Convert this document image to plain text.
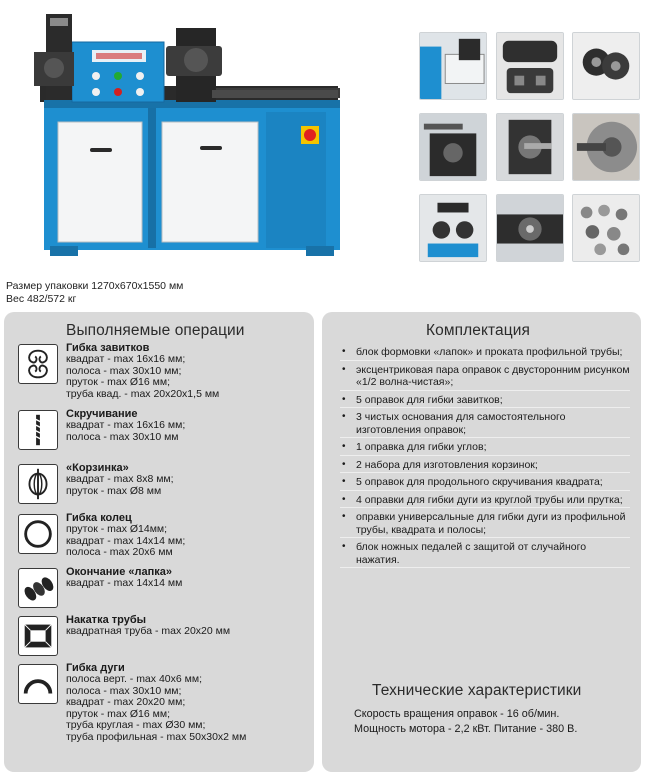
Размер упаковки 1270x670x1550 мм
Вес 482/572 кг
Выполняемые операции
Гибка завитков
квадрат - max 16x16 мм;
полоса - max 30x10 мм;
пруток - max Ø16 мм;
труба квад. - max 20x20x1,5 мм
Скручивание
квадрат - max 16x16 мм;
полоса - max 30x10 мм
«Корзинка»
квадрат - max 8x8 мм;
пруток - max Ø8 мм
Гибка колец
пруток - max Ø14мм;
квадрат - max 14x14 мм;
полоса - max 20x6 мм
Окончание «лапка»
квадрат - max 14x14 мм
Накатка трубы
квадратная труба - max 20x20 мм
Гибка дуги
полоса верт. - max 40x6 мм;
полоса - max 30x10 мм;
квадрат - max 20x20 мм;
пруток - max Ø16 мм;
труба круглая - max Ø30 мм;
труба профильная - max 50x30x2 мм
Комплектация
• блок формовки «лапок» и проката профильной трубы;
• эксцентриковая пара оправок с двусторонним рисунком «1/2 волна-чистая»;
• 5 оправок для гибки завитков;
• 3 чистых основания для самостоятельного изготовления оправок;
• 1 оправка для гибки углов;
• 2 набора для изготовления корзинок;
• 5 оправок для продольного скручивания квадрата;
• 4 оправки для гибки дуги из круглой трубы или прутка;
• оправки универсальные для гибки дуги из профильной трубы, квадрата и полосы;
• блок ножных педалей с защитой от случайного нажатия.
Технические характеристики
Скорость вращения оправок - 16 об/мин.
Мощность мотора - 2,2 кВт. Питание - 380 В.
